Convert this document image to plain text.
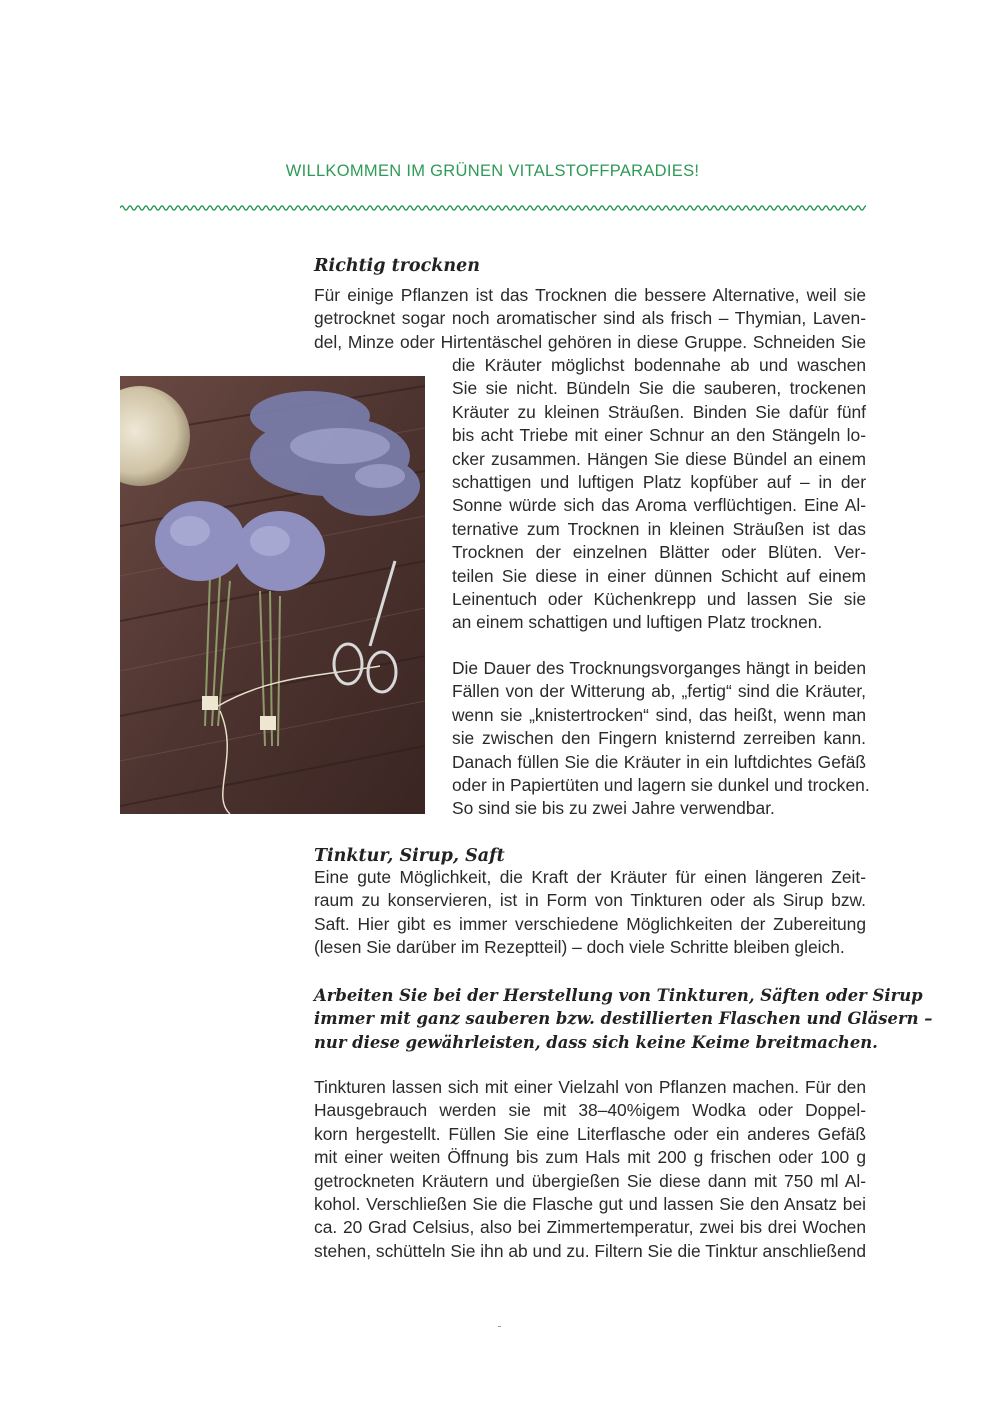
WILLKOMMEN IM GRÜNEN VITALSTOFFPARADIES!
Richtig trocknen
Für einige Pflanzen ist das Trocknen die bessere Alternative, weil sie
getrocknet sogar noch aromatischer sind als frisch – Thymian, Laven-
del, Minze oder Hirtentäschel gehören in diese Gruppe. Schneiden Sie
die Kräuter möglichst bodennahe ab und waschen
Sie sie nicht. Bündeln Sie die sauberen, trockenen
Kräuter zu kleinen Sträußen. Binden Sie dafür fünf
bis acht Triebe mit einer Schnur an den Stängeln lo-
cker zusammen. Hängen Sie diese Bündel an einem
schattigen und luftigen Platz kopfüber auf – in der
Sonne würde sich das Aroma verflüchtigen. Eine Al-
ternative zum Trocknen in kleinen Sträußen ist das
Trocknen der einzelnen Blätter oder Blüten. Ver-
teilen Sie diese in einer dünnen Schicht auf einem
Leinentuch oder Küchenkrepp und lassen Sie sie
an einem schattigen und luftigen Platz trocknen.
Die Dauer des Trocknungsvorganges hängt in beiden
Fällen von der Witterung ab, „fertig“ sind die Kräuter,
wenn sie „knistertrocken“ sind, das heißt, wenn man
sie zwischen den Fingern knisternd zerreiben kann.
Danach füllen Sie die Kräuter in ein luftdichtes Gefäß
oder in Papiertüten und lagern sie dunkel und trocken.
So sind sie bis zu zwei Jahre verwendbar.
Tinktur, Sirup, Saft
Eine gute Möglichkeit, die Kraft der Kräuter für einen längeren Zeit-
raum zu konservieren, ist in Form von Tinkturen oder als Sirup bzw.
Saft. Hier gibt es immer verschiedene Möglichkeiten der Zubereitung
(lesen Sie darüber im Rezeptteil) – doch viele Schritte bleiben gleich.
Arbeiten Sie bei der Herstellung von Tinkturen, Säften oder Sirup
immer mit ganz sauberen bzw. destillierten Flaschen und Gläsern –
nur diese gewährleisten, dass sich keine Keime breitmachen.
Tinkturen lassen sich mit einer Vielzahl von Pflanzen machen. Für den
Hausgebrauch werden sie mit 38–40%igem Wodka oder Doppel-
korn hergestellt. Füllen Sie eine Literflasche oder ein anderes Gefäß
mit einer weiten Öffnung bis zum Hals mit 200 g frischen oder 100 g
getrockneten Kräutern und übergießen Sie diese dann mit 750 ml Al-
kohol. Verschließen Sie die Flasche gut und lassen Sie den Ansatz bei
ca. 20 Grad Celsius, also bei Zimmertemperatur, zwei bis drei Wochen
stehen, schütteln Sie ihn ab und zu. Filtern Sie die Tinktur anschließend
